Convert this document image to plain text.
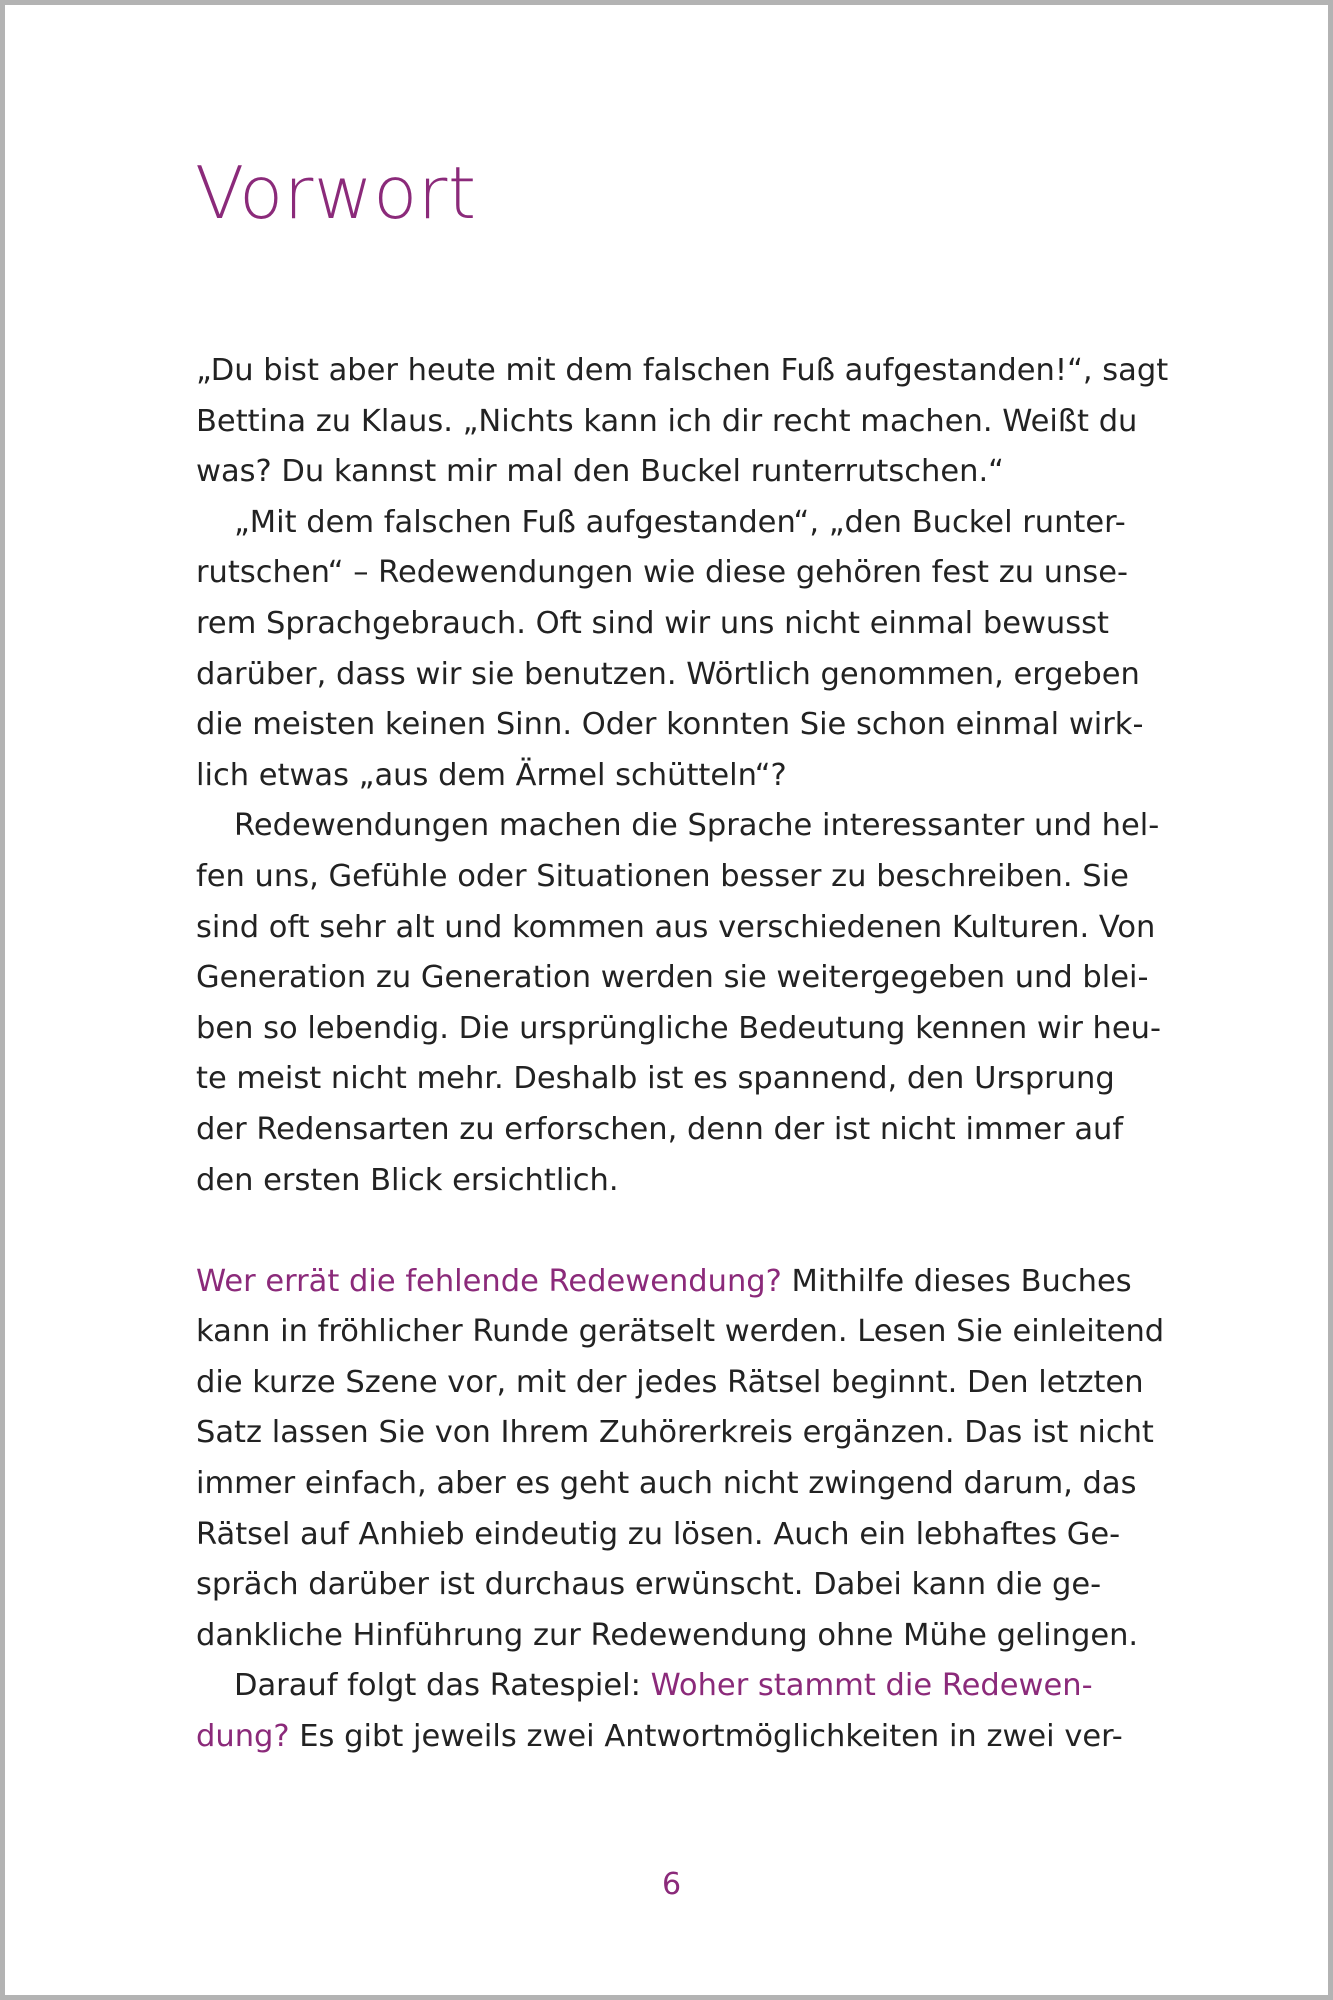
Vorwort
„Du bist aber heute mit dem falschen Fuß aufgestanden!“, sagt
Bettina zu Klaus. „Nichts kann ich dir recht machen. Weißt du
was? Du kannst mir mal den Buckel runterrutschen.“
„Mit dem falschen Fuß aufgestanden“, „den Buckel runter-
rutschen“ – Redewendungen wie diese gehören fest zu unse-
rem Sprachgebrauch. Oft sind wir uns nicht einmal bewusst
darüber, dass wir sie benutzen. Wörtlich genommen, ergeben
die meisten keinen Sinn. Oder konnten Sie schon einmal wirk-
lich etwas „aus dem Ärmel schütteln“?
Redewendungen machen die Sprache interessanter und hel-
fen uns, Gefühle oder Situationen besser zu beschreiben. Sie
sind oft sehr alt und kommen aus verschiedenen Kulturen. Von
Generation zu Generation werden sie weitergegeben und blei-
ben so lebendig. Die ursprüngliche Bedeutung kennen wir heu-
te meist nicht mehr. Deshalb ist es spannend, den Ursprung
der Redensarten zu erforschen, denn der ist nicht immer auf
den ersten Blick ersichtlich.
Wer errät die fehlende Redewendung? Mithilfe dieses Buches
kann in fröhlicher Runde gerätselt werden. Lesen Sie einleitend
die kurze Szene vor, mit der jedes Rätsel beginnt. Den letzten
Satz lassen Sie von Ihrem Zuhörerkreis ergänzen. Das ist nicht
immer einfach, aber es geht auch nicht zwingend darum, das
Rätsel auf Anhieb eindeutig zu lösen. Auch ein lebhaftes Ge-
spräch darüber ist durchaus erwünscht. Dabei kann die ge-
dankliche Hinführung zur Redewendung ohne Mühe gelingen.
Darauf folgt das Ratespiel: Woher stammt die Redewen-
dung? Es gibt jeweils zwei Antwortmöglichkeiten in zwei ver-
6
